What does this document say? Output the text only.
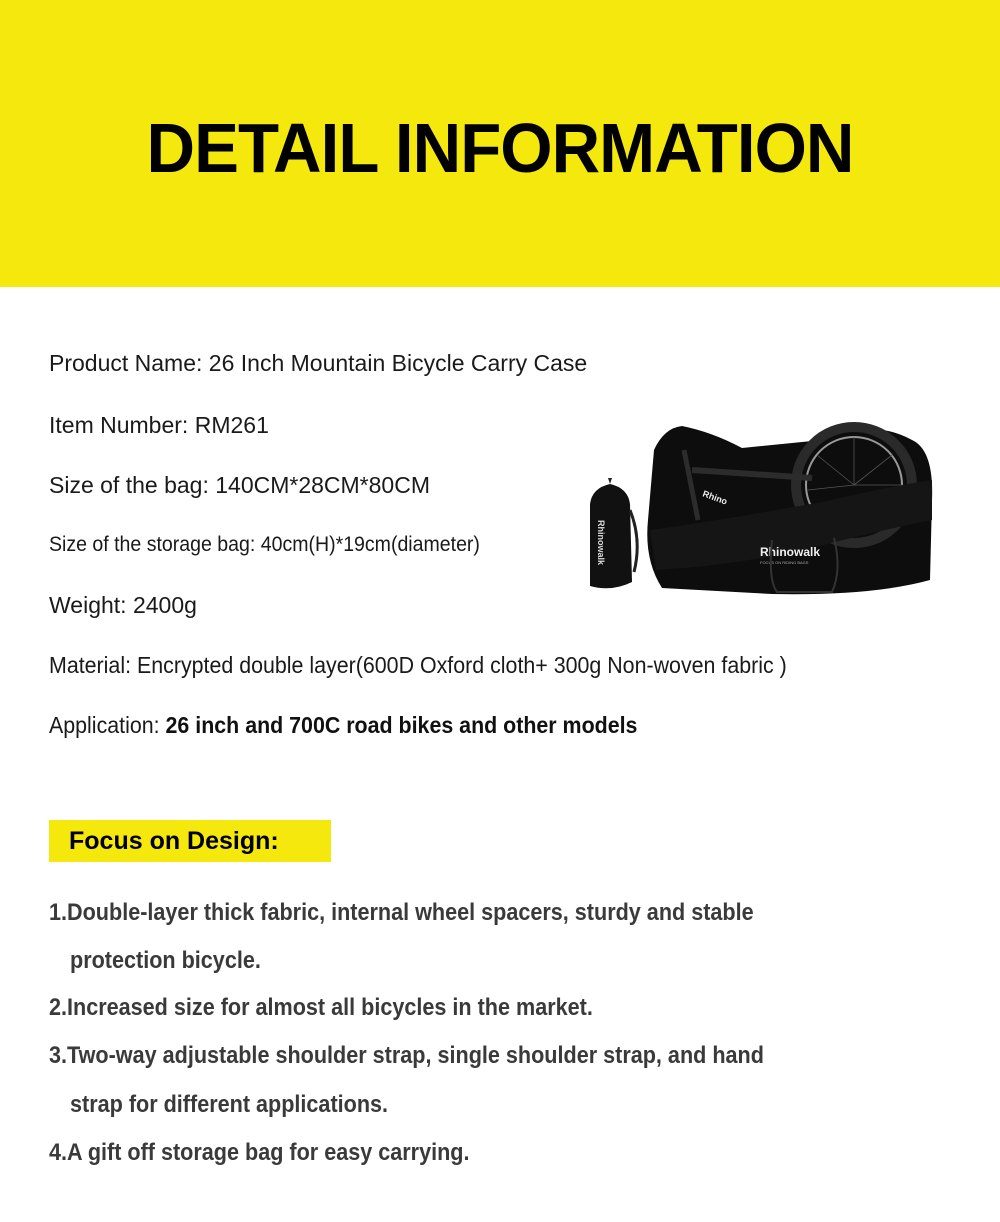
DETAIL INFORMATION
Product Name: 26 Inch Mountain Bicycle Carry Case
Item Number: RM261
Size of the bag: 140CM*28CM*80CM
Size of the storage bag: 40cm(H)*19cm(diameter)
Weight: 2400g
Material: Encrypted double layer(600D Oxford cloth+ 300g Non-woven fabric )
Application: 26 inch and 700C road bikes and other models
Rhinowalk
Rhino
Rhinowalk
FOCUS ON RIDING BAGS
Focus on Design:
1.Double-layer thick fabric, internal wheel spacers, sturdy and stable
protection bicycle.
2.Increased size for almost all bicycles in the market.
3.Two-way adjustable shoulder strap, single shoulder strap, and hand
strap for different applications.
4.A gift off storage bag for easy carrying.
